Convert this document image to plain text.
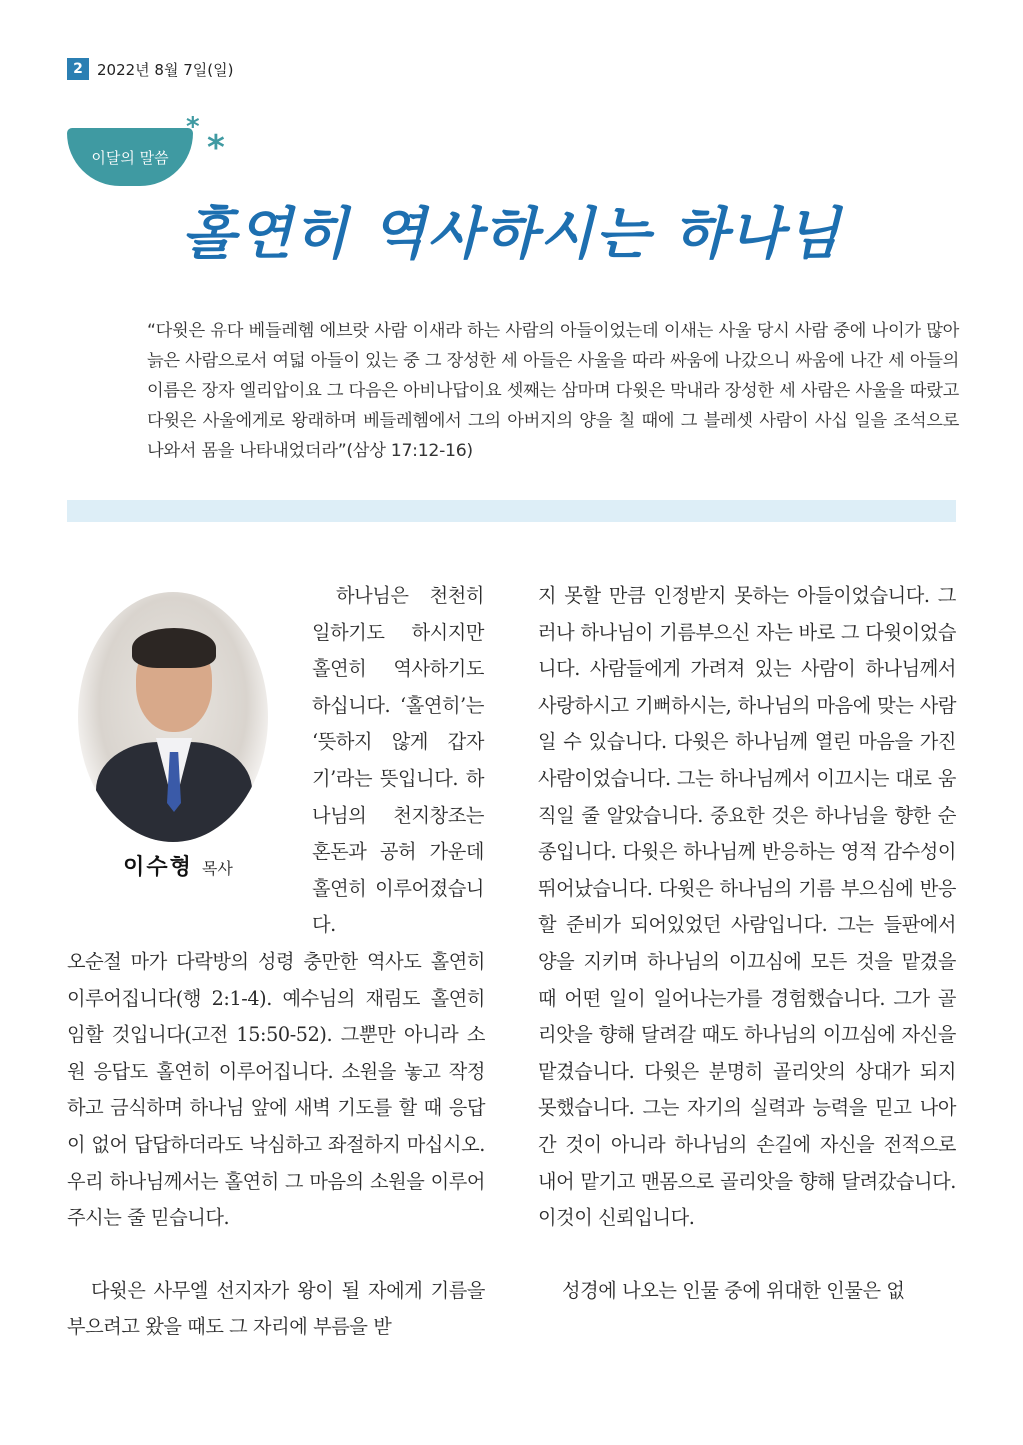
2 2022년 8월 7일(일)
이달의 말씀
*
*
홀연히 역사하시는 하나님
“다윗은 유다 베들레헴 에브랏 사람 이새라 하는 사람의 아들이었는데 이새는 사울 당시 사람 중에 나이가 많아 늙은 사람으로서 여덟 아들이 있는 중 그 장성한 세 아들은 사울을 따라 싸움에 나갔으니 싸움에 나간 세 아들의 이름은 장자 엘리압이요 그 다음은 아비나답이요 셋째는 삼마며 다윗은 막내라 장성한 세 사람은 사울을 따랐고 다윗은 사울에게로 왕래하며 베들레헴에서 그의 아버지의 양을 칠 때에 그 블레셋 사람이 사십 일을 조석으로 나와서 몸을 나타내었더라”(삼상 17:12-16)
이수형 목사

하나님은 천천히 일하기도 하시지만 홀연히 역사하기도 하십니다. ‘홀연히’는 ‘뜻하지 않게 갑자기’라는 뜻입니다. 하나님의 천지창조는 혼돈과 공허 가운데 홀연히 이루어졌습니다.

오순절 마가 다락방의 성령 충만한 역사도 홀연히 이루어집니다(행 2:1-4). 예수님의 재림도 홀연히 임할 것입니다(고전 15:50-52). 그뿐만 아니라 소원 응답도 홀연히 이루어집니다. 소원을 놓고 작정하고 금식하며 하나님 앞에 새벽 기도를 할 때 응답이 없어 답답하더라도 낙심하고 좌절하지 마십시오. 우리 하나님께서는 홀연히 그 마음의 소원을 이루어 주시는 줄 믿습니다.

다윗은 사무엘 선지자가 왕이 될 자에게 기름을 부으려고 왔을 때도 그 자리에 부름을 받

지 못할 만큼 인정받지 못하는 아들이었습니다. 그러나 하나님이 기름부으신 자는 바로 그 다윗이었습니다. 사람들에게 가려져 있는 사람이 하나님께서 사랑하시고 기뻐하시는, 하나님의 마음에 맞는 사람일 수 있습니다. 다윗은 하나님께 열린 마음을 가진 사람이었습니다. 그는 하나님께서 이끄시는 대로 움직일 줄 알았습니다. 중요한 것은 하나님을 향한 순종입니다. 다윗은 하나님께 반응하는 영적 감수성이 뛰어났습니다. 다윗은 하나님의 기름 부으심에 반응할 준비가 되어있었던 사람입니다. 그는 들판에서 양을 지키며 하나님의 이끄심에 모든 것을 맡겼을 때 어떤 일이 일어나는가를 경험했습니다. 그가 골리앗을 향해 달려갈 때도 하나님의 이끄심에 자신을 맡겼습니다. 다윗은 분명히 골리앗의 상대가 되지 못했습니다. 그는 자기의 실력과 능력을 믿고 나아간 것이 아니라 하나님의 손길에 자신을 전적으로 내어 맡기고 맨몸으로 골리앗을 향해 달려갔습니다. 이것이 신뢰입니다.

성경에 나오는 인물 중에 위대한 인물은 없
